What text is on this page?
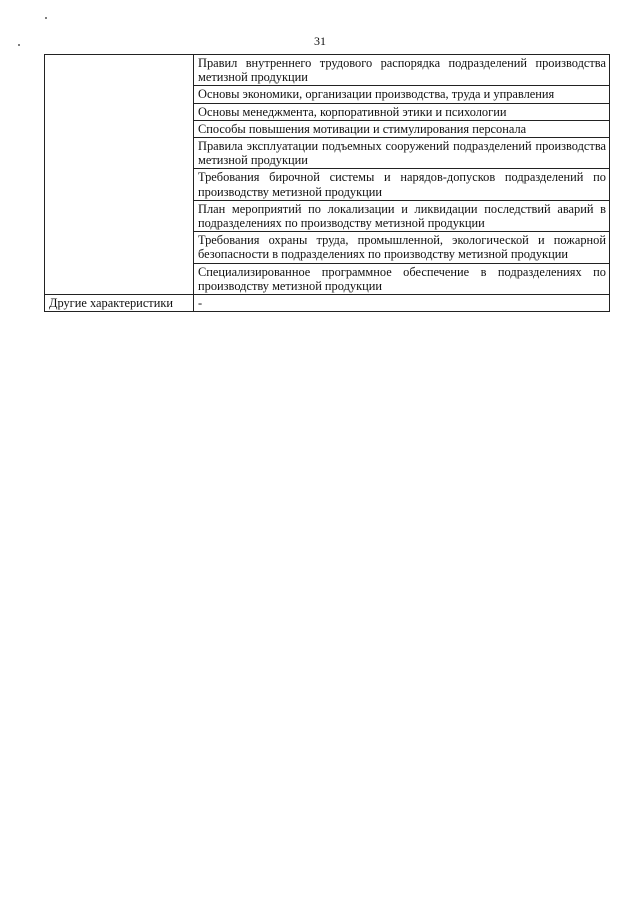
31
	Правил внутреннего трудового распорядка подразделений производства метизной продукции
	Основы экономики, организации производства, труда и управления
	Основы менеджмента, корпоративной этики и психологии
	Способы повышения мотивации и стимулирования персонала
	Правила эксплуатации подъемных сооружений подразделений производства метизной продукции
	Требования бирочной системы и нарядов-допусков подразделений по производству метизной продукции
	План мероприятий по локализации и ликвидации последствий аварий в подразделениях по производству метизной продукции
	Требования охраны труда, промышленной, экологической и пожарной безопасности в подразделениях по производству метизной продукции
	Специализированное программное обеспечение в подразделениях по производству метизной продукции
Другие характеристики	-
